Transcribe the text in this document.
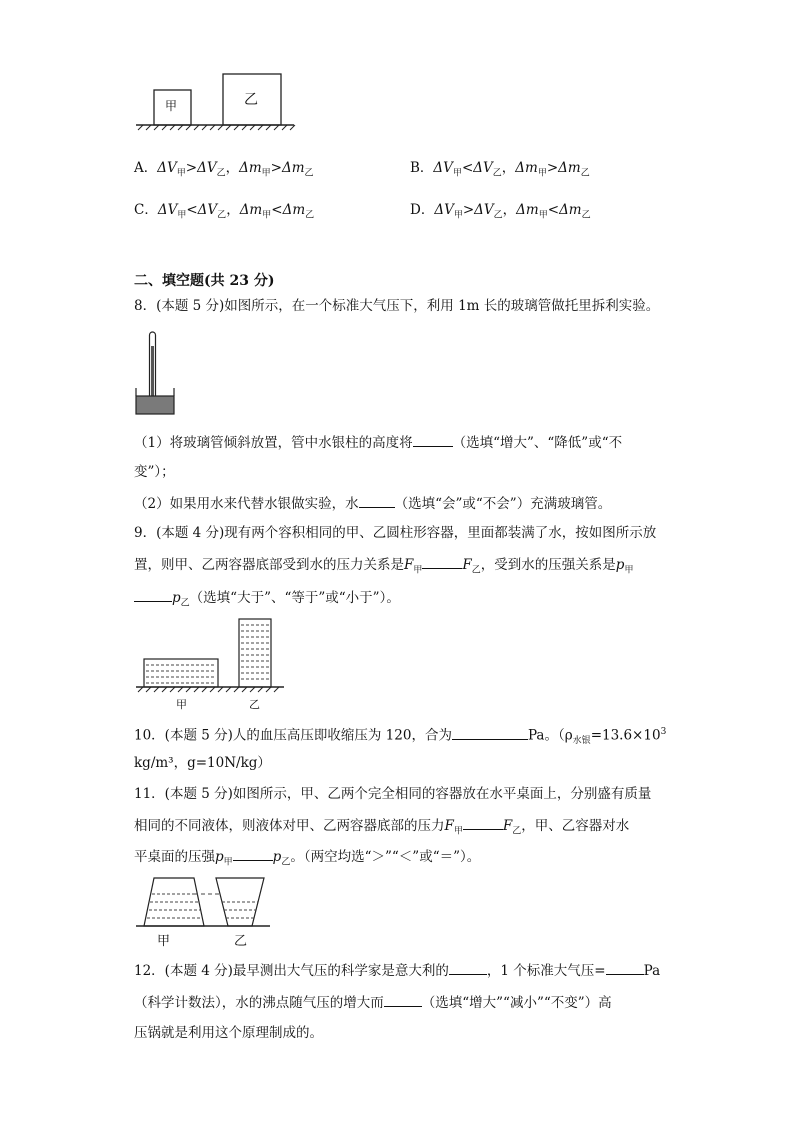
甲	乙
A．$\Delta V_甲>\Delta V_乙$，$\Delta m_甲>\Delta m_乙$	B．$\Delta V_甲<\Delta V_乙$，$\Delta m_甲>\Delta m_乙$
C．$\Delta V_甲<\Delta V_乙$，$\Delta m_甲<\Delta m_乙$	D．$\Delta V_甲>\Delta V_乙$，$\Delta m_甲<\Delta m_乙$
二、填空题(共 23 分)
8．(本题 5 分)如图所示，在一个标准大气压下，利用 1m 长的玻璃管做托里拆利实验。
（1）将玻璃管倾斜放置，管中水银柱的高度将	（选填“增大”、“降低”或“不
变”）；
（2）如果用水来代替水银做实验，水	（选填“会”或“不会”）充满玻璃管。
9．(本题 4 分)现有两个容积相同的甲、乙圆柱形容器，里面都装满了水，按如图所示放
置，则甲、乙两容器底部受到水的压力关系是$F_甲$	$F_乙$，受到水的压强关系是$p_甲$
$p_乙$（选填“大于”、“等于”或“小于”）。
甲	乙
10．(本题 5 分)人的血压高压即收缩压为 120，合为	Pa。（$\rho_{水银}=13.6\times 10^3$
kg/m³，g=10N/kg）
11．(本题 5 分)如图所示，甲、乙两个完全相同的容器放在水平桌面上，分别盛有质量
相同的不同液体，则液体对甲、乙两容器底部的压力$F_甲$	$F_乙$，甲、乙容器对水
平桌面的压强$p_甲$	$p_乙$。（两空均选“＞”“＜”或“＝”）。
甲	乙
12．(本题 4 分)最早测出大气压的科学家是意大利的	，1 个标准大气压=	Pa
（科学计数法），水的沸点随气压的增大而	（选填“增大”“减小”“不变”）高
压锅就是利用这个原理制成的。
